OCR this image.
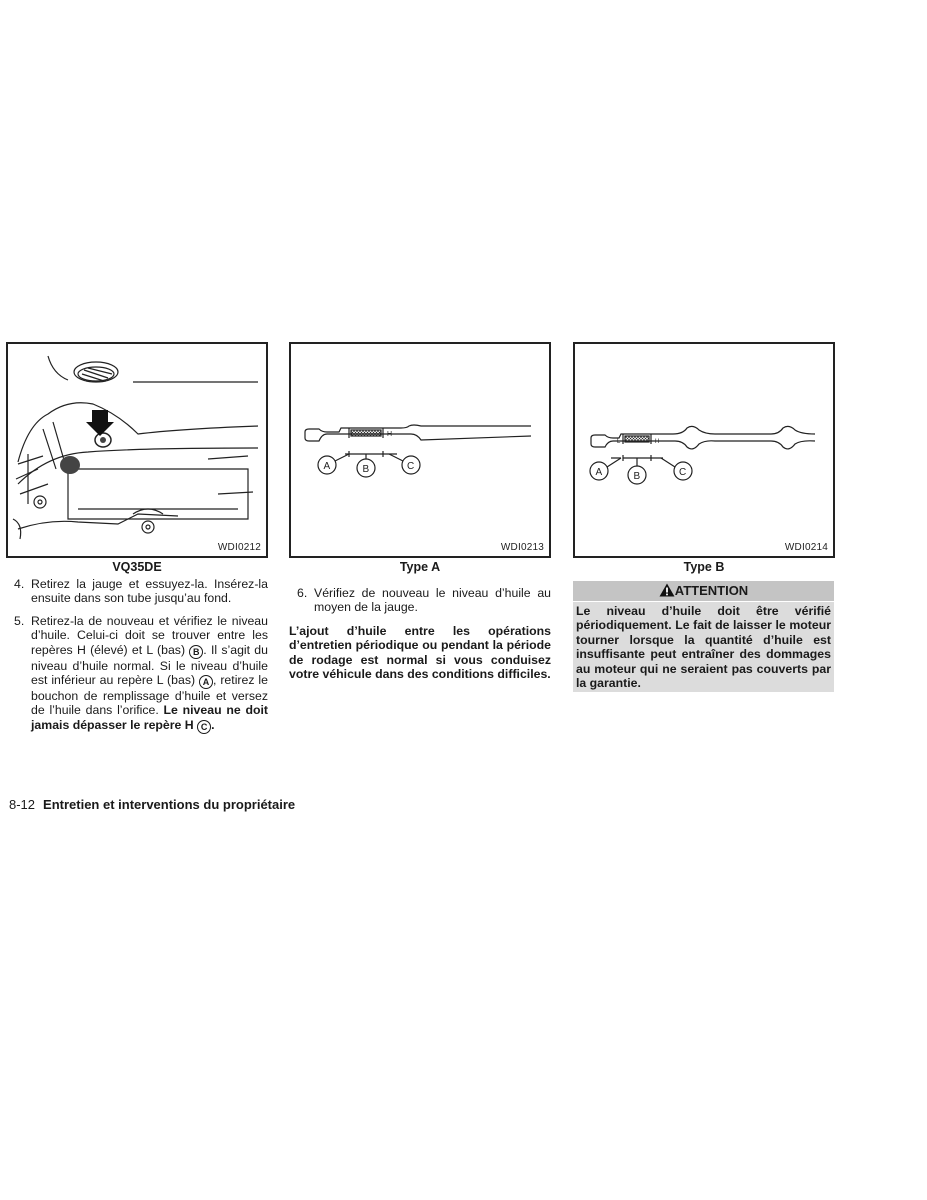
WDI0212
H
A	B	C
WDI0213
L	H
A	B	C
WDI0214
VQ35DE	Type A	Type B
4. Retirez la jauge et essuyez-la. Insérez-la ensuite dans son tube jusqu’au fond.
5. Retirez-la de nouveau et vérifiez le niveau d’huile. Celui-ci doit se trouver entre les repères H (élevé) et L (bas) B . Il s’agit du niveau d’huile normal. Si le niveau d’huile est inférieur au repère L (bas) A , retirez le bouchon de remplissage d’huile et versez de l’huile dans l’orifice. Le niveau ne doit jamais dépasser le repère H C .
6. Vérifiez de nouveau le niveau d’huile au moyen de la jauge.
L’ajout d’huile entre les opérations d’entretien périodique ou pendant la période de rodage est normal si vous conduisez votre véhicule dans des conditions difficiles.
ATTENTION
Le niveau d’huile doit être vérifié périodiquement. Le fait de laisser le moteur tourner lorsque la quantité d’huile est insuffisante peut entraîner des dommages au moteur qui ne seraient pas couverts par la garantie.
8-12 Entretien et interventions du propriétaire
